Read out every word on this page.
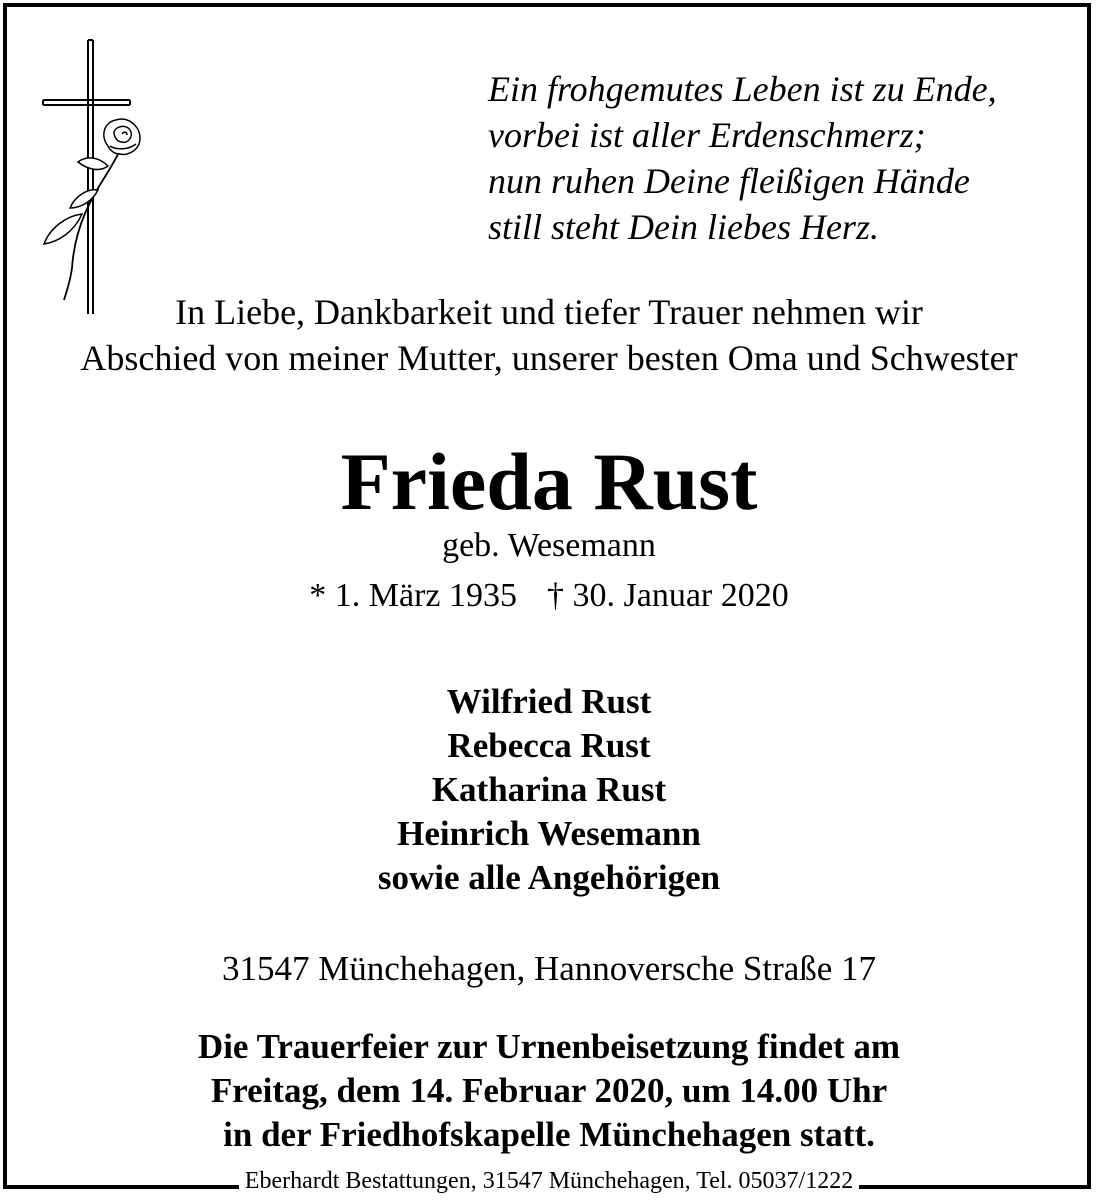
Ein frohgemutes Leben ist zu Ende,
vorbei ist aller Erdenschmerz;
nun ruhen Deine fleißigen Hände
still steht Dein liebes Herz.
In Liebe, Dankbarkeit und tiefer Trauer nehmen wir
Abschied von meiner Mutter, unserer besten Oma und Schwester
Frieda Rust
geb. Wesemann
* 1. März 1935 † 30. Januar 2020
Wilfried Rust
Rebecca Rust
Katharina Rust
Heinrich Wesemann
sowie alle Angehörigen
31547 Münchehagen, Hannoversche Straße 17
Die Trauerfeier zur Urnenbeisetzung findet am
Freitag, dem 14. Februar 2020, um 14.00 Uhr
in der Friedhofskapelle Münchehagen statt.
Eberhardt Bestattungen, 31547 Münchehagen, Tel. 05037/1222
